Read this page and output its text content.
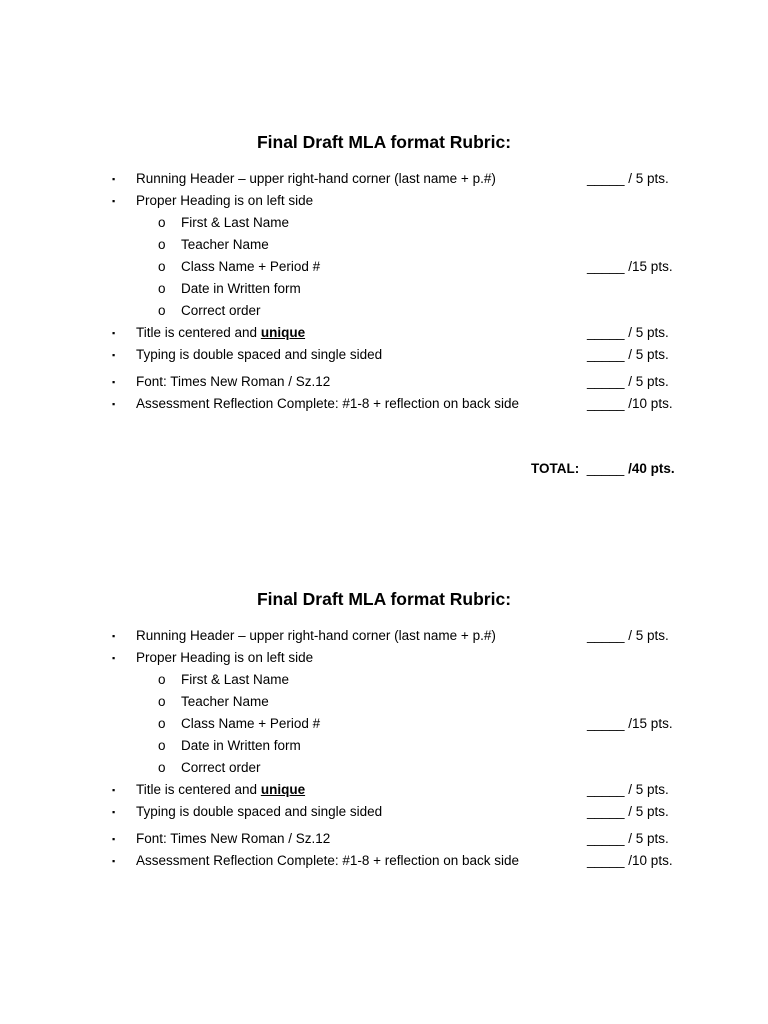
Final Draft MLA format Rubric:
▪ Running Header – upper right-hand corner (last name + p.#)	_____ / 5 pts.
▪ Proper Heading is on left side
o First & Last Name
o Teacher Name
o Class Name + Period #	_____ /15 pts.
o Date in Written form
o Correct order
▪ Title is centered and unique	_____ / 5 pts.
▪ Typing is double spaced and single sided	_____ / 5 pts.
▪ Font: Times New Roman / Sz.12	_____ / 5 pts.
▪ Assessment Reflection Complete: #1-8 + reflection on back side	_____ /10 pts.
TOTAL: _____ /40 pts.
Final Draft MLA format Rubric:
▪ Running Header – upper right-hand corner (last name + p.#)	_____ / 5 pts.
▪ Proper Heading is on left side
o First & Last Name
o Teacher Name
o Class Name + Period #	_____ /15 pts.
o Date in Written form
o Correct order
▪ Title is centered and unique	_____ / 5 pts.
▪ Typing is double spaced and single sided	_____ / 5 pts.
▪ Font: Times New Roman / Sz.12	_____ / 5 pts.
▪ Assessment Reflection Complete: #1-8 + reflection on back side	_____ /10 pts.
